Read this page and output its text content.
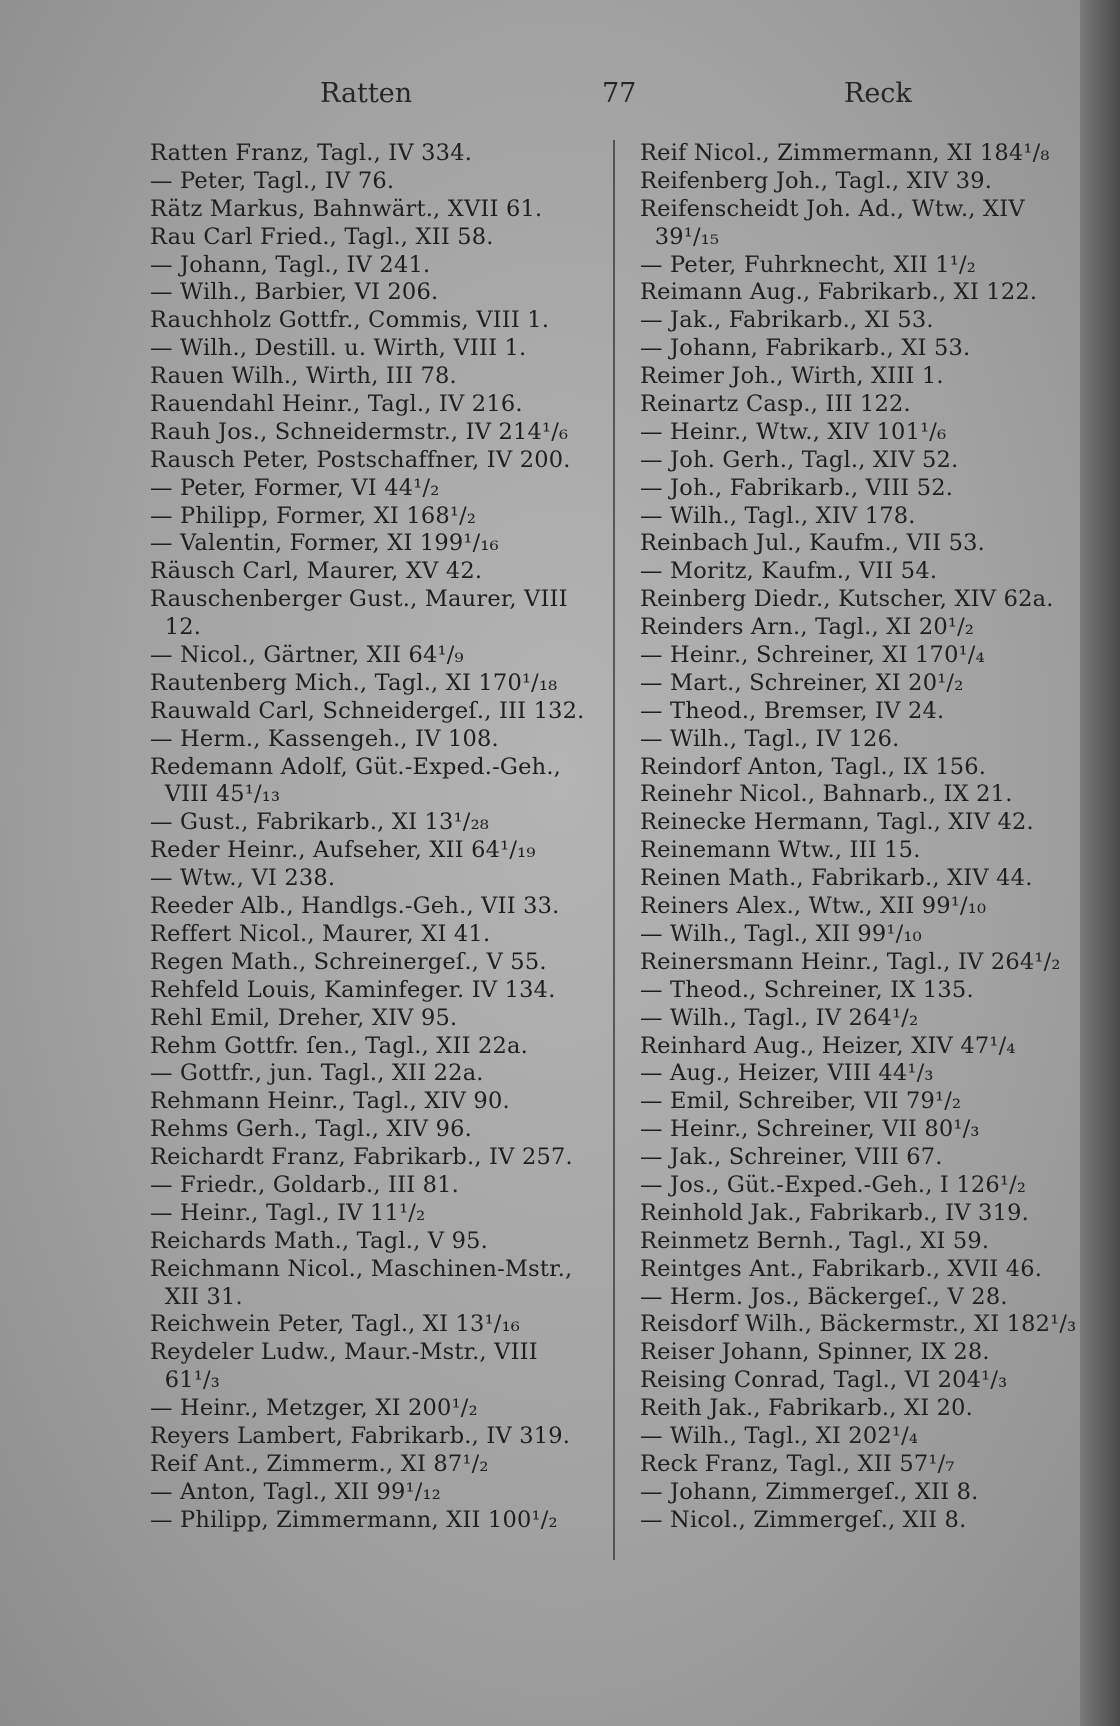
Ratten	77	Reck
Ratten Franz, Tagl., IV 334.
— Peter, Tagl., IV 76.
Rätz Markus, Bahnwärt., XVII 61.
Rau Carl Fried., Tagl., XII 58.
— Johann, Tagl., IV 241.
— Wilh., Barbier, VI 206.
Rauchholz Gottfr., Commis, VIII 1.
— Wilh., Destill. u. Wirth, VIII 1.
Rauen Wilh., Wirth, III 78.
Rauendahl Heinr., Tagl., IV 216.
Rauh Jos., Schneidermstr., IV 214¹/₆
Rausch Peter, Postschaffner, IV 200.
— Peter, Former, VI 44¹/₂
— Philipp, Former, XI 168¹/₂
— Valentin, Former, XI 199¹/₁₆
Räusch Carl, Maurer, XV 42.
Rauschenberger Gust., Maurer, VIII
12.
— Nicol., Gärtner, XII 64¹/₉
Rautenberg Mich., Tagl., XI 170¹/₁₈
Rauwald Carl, Schneidergeſ., III 132.
— Herm., Kassengeh., IV 108.
Redemann Adolf, Güt.-Exped.-Geh.,
VIII 45¹/₁₃
— Gust., Fabrikarb., XI 13¹/₂₈
Reder Heinr., Aufseher, XII 64¹/₁₉
— Wtw., VI 238.
Reeder Alb., Handlgs.-Geh., VII 33.
Reffert Nicol., Maurer, XI 41.
Regen Math., Schreinergeſ., V 55.
Rehfeld Louis, Kaminfeger. IV 134.
Rehl Emil, Dreher, XIV 95.
Rehm Gottfr. ſen., Tagl., XII 22a.
— Gottfr., jun. Tagl., XII 22a.
Rehmann Heinr., Tagl., XIV 90.
Rehms Gerh., Tagl., XIV 96.
Reichardt Franz, Fabrikarb., IV 257.
— Friedr., Goldarb., III 81.
— Heinr., Tagl., IV 11¹/₂
Reichards Math., Tagl., V 95.
Reichmann Nicol., Maschinen-Mstr.,
XII 31.
Reichwein Peter, Tagl., XI 13¹/₁₆
Reydeler Ludw., Maur.-Mstr., VIII
61¹/₃
— Heinr., Metzger, XI 200¹/₂
Reyers Lambert, Fabrikarb., IV 319.
Reif Ant., Zimmerm., XI 87¹/₂
— Anton, Tagl., XII 99¹/₁₂
— Philipp, Zimmermann, XII 100¹/₂
Reif Nicol., Zimmermann, XI 184¹/₈
Reifenberg Joh., Tagl., XIV 39.
Reifenscheidt Joh. Ad., Wtw., XIV
39¹/₁₅
— Peter, Fuhrknecht, XII 1¹/₂
Reimann Aug., Fabrikarb., XI 122.
— Jak., Fabrikarb., XI 53.
— Johann, Fabrikarb., XI 53.
Reimer Joh., Wirth, XIII 1.
Reinartz Casp., III 122.
— Heinr., Wtw., XIV 101¹/₆
— Joh. Gerh., Tagl., XIV 52.
— Joh., Fabrikarb., VIII 52.
— Wilh., Tagl., XIV 178.
Reinbach Jul., Kaufm., VII 53.
— Moritz, Kaufm., VII 54.
Reinberg Diedr., Kutscher, XIV 62a.
Reinders Arn., Tagl., XI 20¹/₂
— Heinr., Schreiner, XI 170¹/₄
— Mart., Schreiner, XI 20¹/₂
— Theod., Bremser, IV 24.
— Wilh., Tagl., IV 126.
Reindorf Anton, Tagl., IX 156.
Reinehr Nicol., Bahnarb., IX 21.
Reinecke Hermann, Tagl., XIV 42.
Reinemann Wtw., III 15.
Reinen Math., Fabrikarb., XIV 44.
Reiners Alex., Wtw., XII 99¹/₁₀
— Wilh., Tagl., XII 99¹/₁₀
Reinersmann Heinr., Tagl., IV 264¹/₂
— Theod., Schreiner, IX 135.
— Wilh., Tagl., IV 264¹/₂
Reinhard Aug., Heizer, XIV 47¹/₄
— Aug., Heizer, VIII 44¹/₃
— Emil, Schreiber, VII 79¹/₂
— Heinr., Schreiner, VII 80¹/₃
— Jak., Schreiner, VIII 67.
— Jos., Güt.-Exped.-Geh., I 126¹/₂
Reinhold Jak., Fabrikarb., IV 319.
Reinmetz Bernh., Tagl., XI 59.
Reintges Ant., Fabrikarb., XVII 46.
— Herm. Jos., Bäckergeſ., V 28.
Reisdorf Wilh., Bäckermstr., XI 182¹/₃
Reiser Johann, Spinner, IX 28.
Reising Conrad, Tagl., VI 204¹/₃
Reith Jak., Fabrikarb., XI 20.
— Wilh., Tagl., XI 202¹/₄
Reck Franz, Tagl., XII 57¹/₇
— Johann, Zimmergeſ., XII 8.
— Nicol., Zimmergeſ., XII 8.
